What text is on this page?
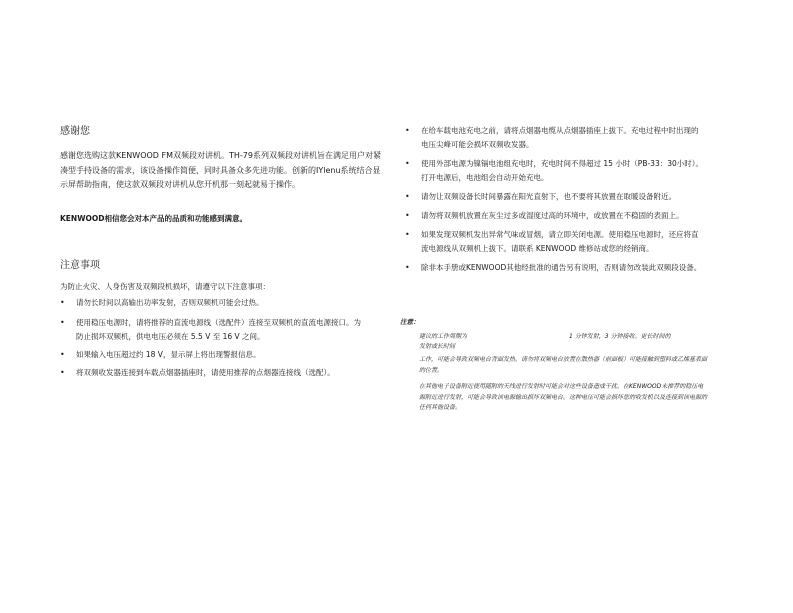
感谢您

感谢您选购这款KENWOOD FM双频段对讲机。TH-79系列双频段对讲机旨在满足用户对紧凑型手持设备的需求，该设备操作简便，同时具备众多先进功能。创新的IYlenu系统结合显示屏帮助指南，使这款双频段对讲机从您开机那一刻起就易于操作。

KENWOOD相信您会对本产品的品质和功能感到满意。

注意事项

为防止火灾、人身伤害及双频段机损坏，请遵守以下注意事项：

• 请勿长时间以高输出功率发射，否则双频机可能会过热。
• 使用稳压电源时，请将推荐的直流电源线（选配件）连接至双频机的直流电源接口。为防止损坏双频机，供电电压必须在 5.5 V 至 16 V 之间。
• 如果输入电压超过约 18 V，显示屏上将出现警报信息。
• 将双频收发器连接到车载点烟器插座时，请使用推荐的点烟器连接线（选配）。
• 在给车载电池充电之前，请将点烟器电缆从点烟器插座上拔下。充电过程中时出现的电压尖峰可能会损坏双频收发器。
• 使用外部电源为镍镉电池组充电时，充电时间不得超过 15 小时（PB-33：30小时）。打开电源后，电池组会自动开始充电。
• 请勿让双频设备长时间暴露在阳光直射下，也不要将其放置在取暖设备附近。
• 请勿将双频机放置在灰尘过多或湿度过高的环境中，或放置在不稳固的表面上。
• 如果发现双频机发出异常气味或冒烟，请立即关闭电源。使用稳压电源时，还应将直流电源线从双频机上拔下。请联系 KENWOOD 维修站或您的经销商。
• 除非本手册或KENWOOD其他经批准的通告另有说明，否则请勿改装此双频段设备。
注意：
建议的工作周期为	1 分钟发射，3 分钟接收。更长时间的

发射或长时间

工作，可能会导致双频电台背面发热。请勿将双频电台放置在散热器（前面板）可能接触到塑料或乙烯基表面的位置。

在其他电子设备附近使用随附的天线进行发射时可能会对这些设备造成干扰。在KENWOOD未推荐的稳压电源附近进行发射，可能会导致该电源输出损坏双频电台。这种电压可能会损坏您的收发机以及连接到该电源的任何其他设备。
